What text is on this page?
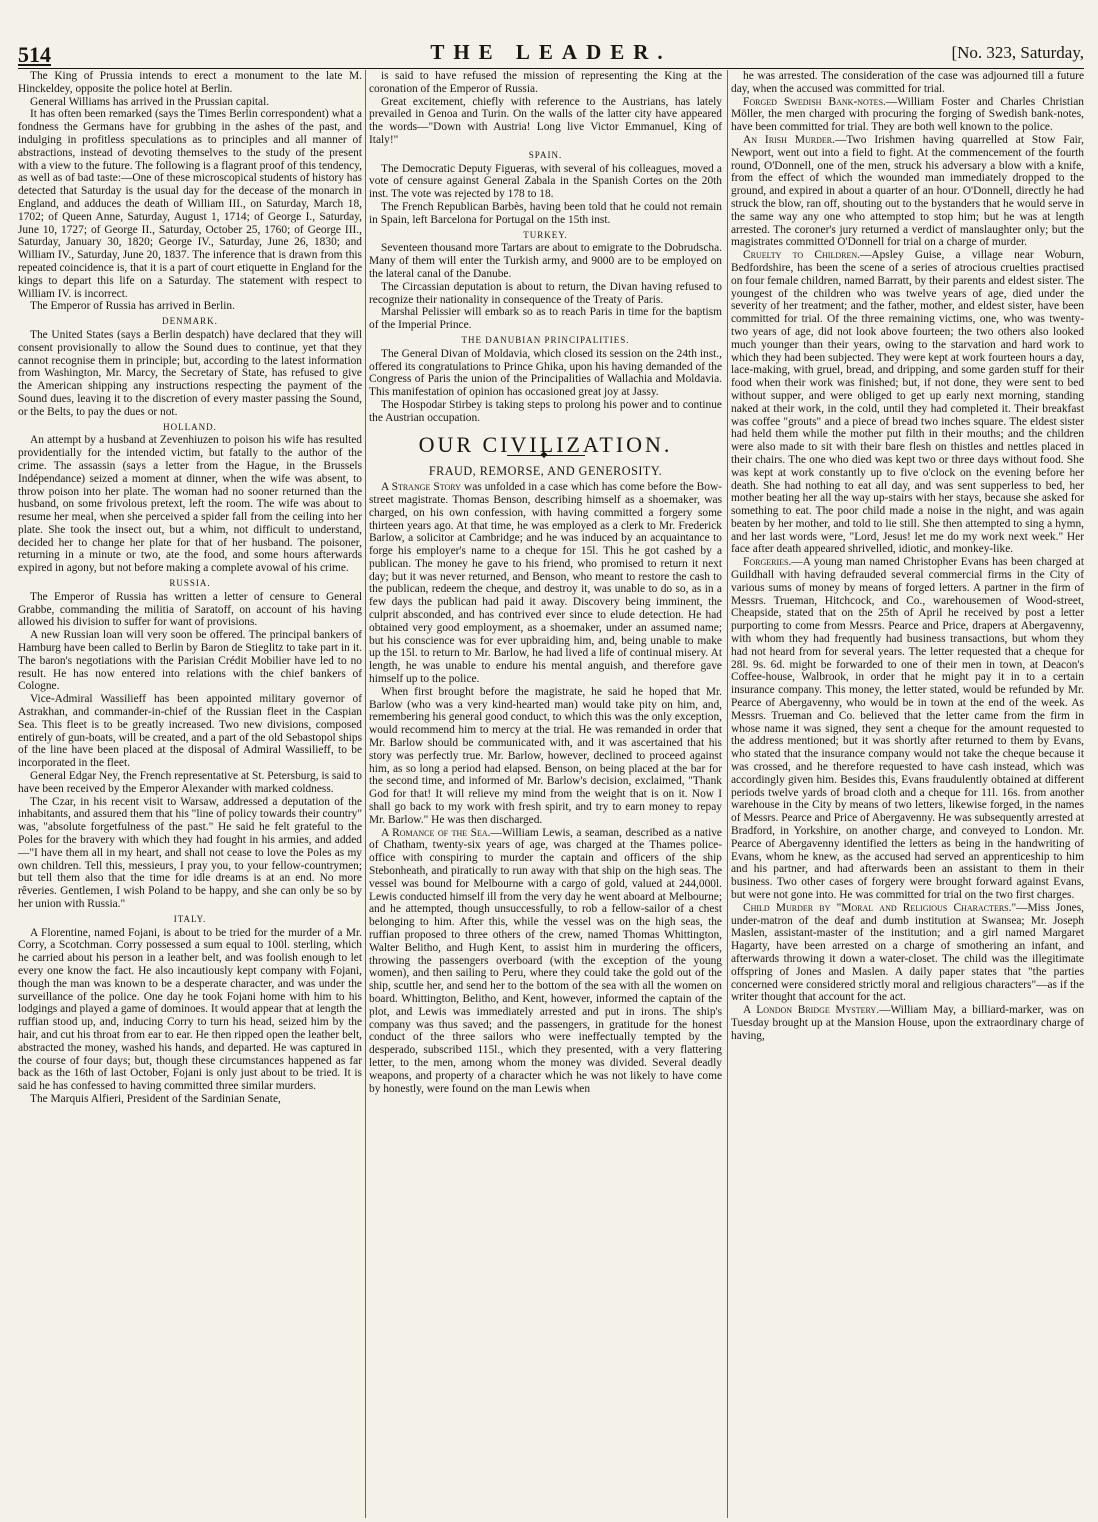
514	THE LEADER.	[No. 323, Saturday,

The King of Prussia intends to erect a monument to the late M. Hinckeldey, opposite the police hotel at Berlin.

General Williams has arrived in the Prussian capital.

It has often been remarked (says the Times Berlin correspondent) what a fondness the Germans have for grubbing in the ashes of the past, and indulging in profitless speculations as to principles and all manner of abstractions, instead of devoting themselves to the study of the present with a view to the future. The following is a flagrant proof of this tendency, as well as of bad taste:—One of these microscopical students of history has detected that Saturday is the usual day for the decease of the monarch in England, and adduces the death of William III., on Saturday, March 18, 1702; of Queen Anne, Saturday, August 1, 1714; of George I., Saturday, June 10, 1727; of George II., Saturday, October 25, 1760; of George III., Saturday, January 30, 1820; George IV., Saturday, June 26, 1830; and William IV., Saturday, June 20, 1837. The inference that is drawn from this repeated coincidence is, that it is a part of court etiquette in England for the kings to depart this life on a Saturday. The statement with respect to William IV. is incorrect.

The Emperor of Russia has arrived in Berlin.

DENMARK.

The United States (says a Berlin despatch) have declared that they will consent provisionally to allow the Sound dues to continue, yet that they cannot recognise them in principle; but, according to the latest information from Washington, Mr. Marcy, the Secretary of State, has refused to give the American shipping any instructions respecting the payment of the Sound dues, leaving it to the discretion of every master passing the Sound, or the Belts, to pay the dues or not.

HOLLAND.

An attempt by a husband at Zevenhiuzen to poison his wife has resulted providentially for the intended victim, but fatally to the author of the crime. The assassin (says a letter from the Hague, in the Brussels Indépendance) seized a moment at dinner, when the wife was absent, to throw poison into her plate. The woman had no sooner returned than the husband, on some frivolous pretext, left the room. The wife was about to resume her meal, when she perceived a spider fall from the ceiling into her plate. She took the insect out, but a whim, not difficult to understand, decided her to change her plate for that of her husband. The poisoner, returning in a minute or two, ate the food, and some hours afterwards expired in agony, but not before making a complete avowal of his crime.

RUSSIA.

The Emperor of Russia has written a letter of censure to General Grabbe, commanding the militia of Saratoff, on account of his having allowed his division to suffer for want of provisions.

A new Russian loan will very soon be offered. The principal bankers of Hamburg have been called to Berlin by Baron de Stieglitz to take part in it. The baron's negotiations with the Parisian Crédit Mobilier have led to no result. He has now entered into relations with the chief bankers of Cologne.

Vice-Admiral Wassilieff has been appointed military governor of Astrakhan, and commander-in-chief of the Russian fleet in the Caspian Sea. This fleet is to be greatly increased. Two new divisions, composed entirely of gun-boats, will be created, and a part of the old Sebastopol ships of the line have been placed at the disposal of Admiral Wassilieff, to be incorporated in the fleet.

General Edgar Ney, the French representative at St. Petersburg, is said to have been received by the Emperor Alexander with marked coldness.

The Czar, in his recent visit to Warsaw, addressed a deputation of the inhabitants, and assured them that his "line of policy towards their country" was, "absolute forgetfulness of the past." He said he felt grateful to the Poles for the bravery with which they had fought in his armies, and added—"I have them all in my heart, and shall not cease to love the Poles as my own children. Tell this, messieurs, I pray you, to your fellow-countrymen; but tell them also that the time for idle dreams is at an end. No more rêveries. Gentlemen, I wish Poland to be happy, and she can only be so by her union with Russia."

ITALY.

A Florentine, named Fojani, is about to be tried for the murder of a Mr. Corry, a Scotchman. Corry possessed a sum equal to 100l. sterling, which he carried about his person in a leather belt, and was foolish enough to let every one know the fact. He also incautiously kept company with Fojani, though the man was known to be a desperate character, and was under the surveillance of the police. One day he took Fojani home with him to his lodgings and played a game of dominoes. It would appear that at length the ruffian stood up, and, inducing Corry to turn his head, seized him by the hair, and cut his throat from ear to ear. He then ripped open the leather belt, abstracted the money, washed his hands, and departed. He was captured in the course of four days; but, though these circumstances happened as far back as the 16th of last October, Fojani is only just about to be tried. It is said he has confessed to having committed three similar murders.

The Marquis Alfieri, President of the Sardinian Senate,

is said to have refused the mission of representing the King at the coronation of the Emperor of Russia.

Great excitement, chiefly with reference to the Austrians, has lately prevailed in Genoa and Turin. On the walls of the latter city have appeared the words—"Down with Austria! Long live Victor Emmanuel, King of Italy!"

SPAIN.

The Democratic Deputy Figueras, with several of his colleagues, moved a vote of censure against General Zabala in the Spanish Cortes on the 20th inst. The vote was rejected by 178 to 18.

The French Republican Barbès, having been told that he could not remain in Spain, left Barcelona for Portugal on the 15th inst.

TURKEY.

Seventeen thousand more Tartars are about to emigrate to the Dobrudscha. Many of them will enter the Turkish army, and 9000 are to be employed on the lateral canal of the Danube.

The Circassian deputation is about to return, the Divan having refused to recognize their nationality in consequence of the Treaty of Paris.

Marshal Pelissier will embark so as to reach Paris in time for the baptism of the Imperial Prince.

THE DANUBIAN PRINCIPALITIES.

The General Divan of Moldavia, which closed its session on the 24th inst., offered its congratulations to Prince Ghika, upon his having demanded of the Congress of Paris the union of the Principalities of Wallachia and Moldavia. This manifestation of opinion has occasioned great joy at Jassy.

The Hospodar Stirbey is taking steps to prolong his power and to continue the Austrian occupation.

OUR CIVILIZATION.
◆
FRAUD, REMORSE, AND GENEROSITY.

A Strange Story was unfolded in a case which has come before the Bow-street magistrate. Thomas Benson, describing himself as a shoemaker, was charged, on his own confession, with having committed a forgery some thirteen years ago. At that time, he was employed as a clerk to Mr. Frederick Barlow, a solicitor at Cambridge; and he was induced by an acquaintance to forge his employer's name to a cheque for 15l. This he got cashed by a publican. The money he gave to his friend, who promised to return it next day; but it was never returned, and Benson, who meant to restore the cash to the publican, redeem the cheque, and destroy it, was unable to do so, as in a few days the publican had paid it away. Discovery being imminent, the culprit absconded, and has contrived ever since to elude detection. He had obtained very good employment, as a shoemaker, under an assumed name; but his conscience was for ever upbraiding him, and, being unable to make up the 15l. to return to Mr. Barlow, he had lived a life of continual misery. At length, he was unable to endure his mental anguish, and therefore gave himself up to the police.

When first brought before the magistrate, he said he hoped that Mr. Barlow (who was a very kind-hearted man) would take pity on him, and, remembering his general good conduct, to which this was the only exception, would recommend him to mercy at the trial. He was remanded in order that Mr. Barlow should be communicated with, and it was ascertained that his story was perfectly true. Mr. Barlow, however, declined to proceed against him, as so long a period had elapsed. Benson, on being placed at the bar for the second time, and informed of Mr. Barlow's decision, exclaimed, "Thank God for that! It will relieve my mind from the weight that is on it. Now I shall go back to my work with fresh spirit, and try to earn money to repay Mr. Barlow." He was then discharged.

A Romance of the Sea.—William Lewis, a seaman, described as a native of Chatham, twenty-six years of age, was charged at the Thames police-office with conspiring to murder the captain and officers of the ship Stebonheath, and piratically to run away with that ship on the high seas. The vessel was bound for Melbourne with a cargo of gold, valued at 244,000l. Lewis conducted himself ill from the very day he went aboard at Melbourne; and he attempted, though unsuccessfully, to rob a fellow-sailor of a chest belonging to him. After this, while the vessel was on the high seas, the ruffian proposed to three others of the crew, named Thomas Whittington, Walter Belitho, and Hugh Kent, to assist him in murdering the officers, throwing the passengers overboard (with the exception of the young women), and then sailing to Peru, where they could take the gold out of the ship, scuttle her, and send her to the bottom of the sea with all the women on board. Whittington, Belitho, and Kent, however, informed the captain of the plot, and Lewis was immediately arrested and put in irons. The ship's company was thus saved; and the passengers, in gratitude for the honest conduct of the three sailors who were ineffectually tempted by the desperado, subscribed 115l., which they presented, with a very flattering letter, to the men, among whom the money was divided. Several deadly weapons, and property of a character which he was not likely to have come by honestly, were found on the man Lewis when

he was arrested. The consideration of the case was adjourned till a future day, when the accused was committed for trial.

Forged Swedish Bank-notes.—William Foster and Charles Christian Möller, the men charged with procuring the forging of Swedish bank-notes, have been committed for trial. They are both well known to the police.

An Irish Murder.—Two Irishmen having quarrelled at Stow Fair, Newport, went out into a field to fight. At the commencement of the fourth round, O'Donnell, one of the men, struck his adversary a blow with a knife, from the effect of which the wounded man immediately dropped to the ground, and expired in about a quarter of an hour. O'Donnell, directly he had struck the blow, ran off, shouting out to the bystanders that he would serve in the same way any one who attempted to stop him; but he was at length arrested. The coroner's jury returned a verdict of manslaughter only; but the magistrates committed O'Donnell for trial on a charge of murder.

Cruelty to Children.—Apsley Guise, a village near Woburn, Bedfordshire, has been the scene of a series of atrocious cruelties practised on four female children, named Barratt, by their parents and eldest sister. The youngest of the children who was twelve years of age, died under the severity of her treatment; and the father, mother, and eldest sister, have been committed for trial. Of the three remaining victims, one, who was twenty-two years of age, did not look above fourteen; the two others also looked much younger than their years, owing to the starvation and hard work to which they had been subjected. They were kept at work fourteen hours a day, lace-making, with gruel, bread, and dripping, and some garden stuff for their food when their work was finished; but, if not done, they were sent to bed without supper, and were obliged to get up early next morning, standing naked at their work, in the cold, until they had completed it. Their breakfast was coffee "grouts" and a piece of bread two inches square. The eldest sister had held them while the mother put filth in their mouths; and the children were also made to sit with their bare flesh on thistles and nettles placed in their chairs. The one who died was kept two or three days without food. She was kept at work constantly up to five o'clock on the evening before her death. She had nothing to eat all day, and was sent supperless to bed, her mother beating her all the way up-stairs with her stays, because she asked for something to eat. The poor child made a noise in the night, and was again beaten by her mother, and told to lie still. She then attempted to sing a hymn, and her last words were, "Lord, Jesus! let me do my work next week." Her face after death appeared shrivelled, idiotic, and monkey-like.

Forgeries.—A young man named Christopher Evans has been charged at Guildhall with having defrauded several commercial firms in the City of various sums of money by means of forged letters. A partner in the firm of Messrs. Trueman, Hitchcock, and Co., warehousemen of Wood-street, Cheapside, stated that on the 25th of April he received by post a letter purporting to come from Messrs. Pearce and Price, drapers at Abergavenny, with whom they had frequently had business transactions, but whom they had not heard from for several years. The letter requested that a cheque for 28l. 9s. 6d. might be forwarded to one of their men in town, at Deacon's Coffee-house, Walbrook, in order that he might pay it in to a certain insurance company. This money, the letter stated, would be refunded by Mr. Pearce of Abergavenny, who would be in town at the end of the week. As Messrs. Trueman and Co. believed that the letter came from the firm in whose name it was signed, they sent a cheque for the amount requested to the address mentioned; but it was shortly after returned to them by Evans, who stated that the insurance company would not take the cheque because it was crossed, and he therefore requested to have cash instead, which was accordingly given him. Besides this, Evans fraudulently obtained at different periods twelve yards of broad cloth and a cheque for 11l. 16s. from another warehouse in the City by means of two letters, likewise forged, in the names of Messrs. Pearce and Price of Abergavenny. He was subsequently arrested at Bradford, in Yorkshire, on another charge, and conveyed to London. Mr. Pearce of Abergavenny identified the letters as being in the handwriting of Evans, whom he knew, as the accused had served an apprenticeship to him and his partner, and had afterwards been an assistant to them in their business. Two other cases of forgery were brought forward against Evans, but were not gone into. He was committed for trial on the two first charges.

Child Murder by "Moral and Religious Characters."—Miss Jones, under-matron of the deaf and dumb institution at Swansea; Mr. Joseph Maslen, assistant-master of the institution; and a girl named Margaret Hagarty, have been arrested on a charge of smothering an infant, and afterwards throwing it down a water-closet. The child was the illegitimate offspring of Jones and Maslen. A daily paper states that "the parties concerned were considered strictly moral and religious characters"—as if the writer thought that account for the act.

A London Bridge Mystery.—William May, a billiard-marker, was on Tuesday brought up at the Mansion House, upon the extraordinary charge of having,
